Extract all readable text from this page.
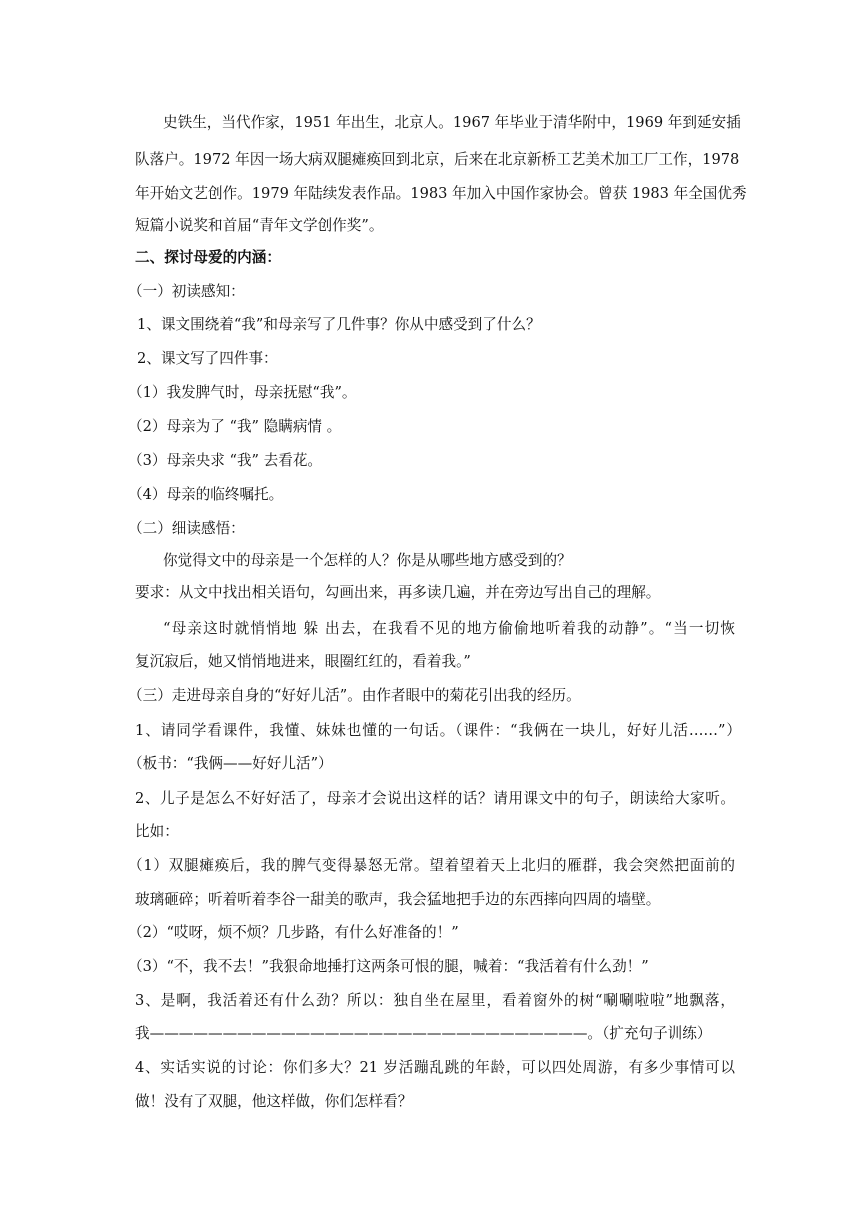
史铁生，当代作家，1951 年出生，北京人。1967 年毕业于清华附中，1969 年到延安插
队落户。1972 年因一场大病双腿瘫痪回到北京，后来在北京新桥工艺美术加工厂工作，1978
年开始文艺创作。1979 年陆续发表作品。1983 年加入中国作家协会。曾获 1983 年全国优秀
短篇小说奖和首届“青年文学创作奖”。
二、探讨母爱的内涵：
（一）初读感知：
1、课文围绕着“我”和母亲写了几件事？你从中感受到了什么？
2、课文写了四件事：
（1）我发脾气时，母亲抚慰“我”。
（2）母亲为了 “我” 隐瞒病情 。
（3）母亲央求 “我” 去看花。
（4）母亲的临终嘱托。
（二）细读感悟：
你觉得文中的母亲是一个怎样的人？你是从哪些地方感受到的？
要求：从文中找出相关语句，勾画出来，再多读几遍，并在旁边写出自己的理解。
“母亲这时就悄悄地 躲 出去，在我看不见的地方偷偷地听着我的动静”。“当一切恢
复沉寂后，她又悄悄地进来，眼圈红红的，看着我。”
（三）走进母亲自身的“好好儿活”。由作者眼中的菊花引出我的经历。
1、请同学看课件，我懂、妹妹也懂的一句话。（课件：“我俩在一块儿，好好儿活……”）
（板书：“我俩——好好儿活”）
2、儿子是怎么不好好活了，母亲才会说出这样的话？请用课文中的句子，朗读给大家听。
比如：
（1）双腿瘫痪后，我的脾气变得暴怒无常。望着望着天上北归的雁群，我会突然把面前的
玻璃砸碎；听着听着李谷一甜美的歌声，我会猛地把手边的东西摔向四周的墙壁。
（2）“哎呀，烦不烦？几步路，有什么好准备的！”
（3）“不，我不去！”我狠命地捶打这两条可恨的腿，喊着：“我活着有什么劲！”
3、是啊，我活着还有什么劲？所以：独自坐在屋里，看着窗外的树“唰唰啦啦”地飘落，
我——————————————————————————————。（扩充句子训练）
4、实话实说的讨论：你们多大？21 岁活蹦乱跳的年龄，可以四处周游，有多少事情可以
做！没有了双腿，他这样做，你们怎样看？
